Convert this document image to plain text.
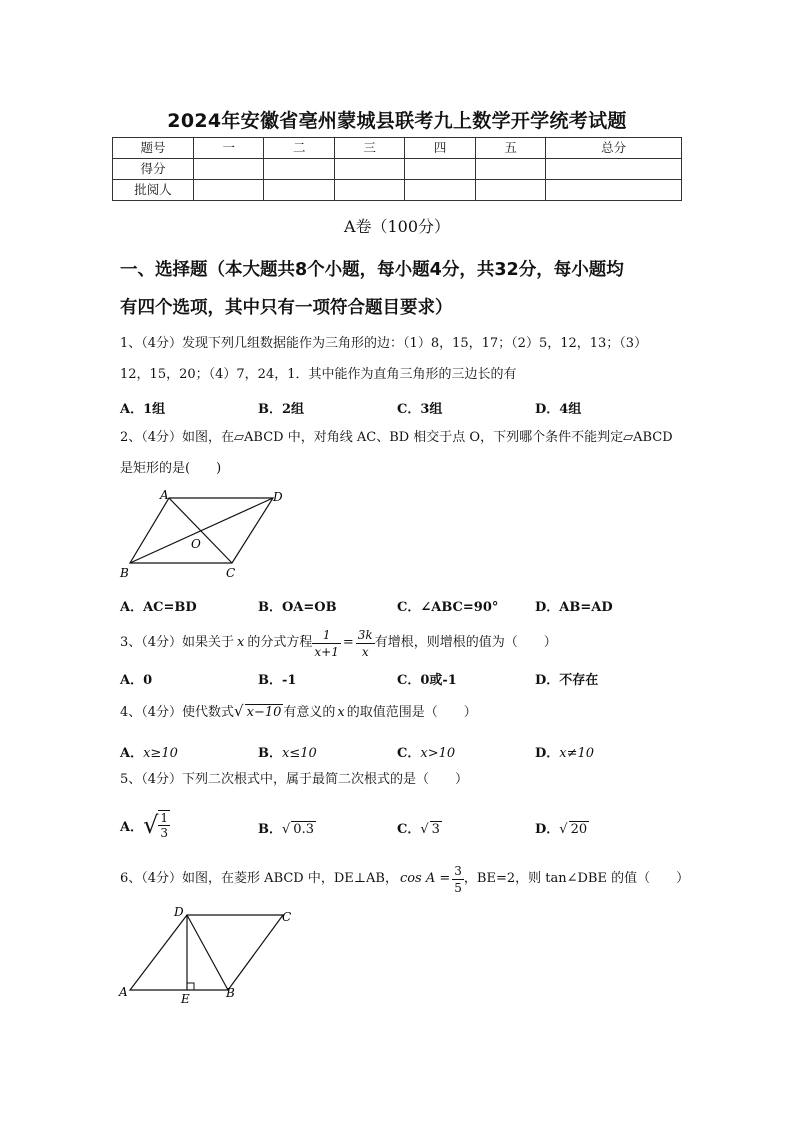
2024年安徽省亳州蒙城县联考九上数学开学统考试题
题号	一	二	三	四	五	总分
得分						
批阅人						
A卷（100分）
一、选择题（本大题共8个小题，每小题4分，共32分，每小题均
有四个选项，其中只有一项符合题目要求）
1、（4分）发现下列几组数据能作为三角形的边：（1）8，15，17；（2）5，12，13；（3）
12，15，20；（4）7，24，1．其中能作为直角三角形的三边长的有
A．1组	B．2组	C．3组	D．4组
2、（4分）如图，在▱ABCD 中，对角线 AC、BD 相交于点 O，下列哪个条件不能判定▱ABCD
是矩形的是(　　)
A	D
O
B	C
A．AC=BD	B．OA=OB	C．∠ABC=90°	D．AB=AD
3、（4分）如果关于 x 的分式方程 $\frac{1}{x+1} = \frac{3k}{x}$ 有增根，则增根的值为（　　）
A．0	B．-1	C．0或-1	D．不存在
4、（4分）使代数式√ x−10 有意义的 x 的取值范围是（　　）
A．x≥10	B．x≤10	C．x>10	D．x≠10
5、（4分）下列二次根式中，属于最简二次根式的是（　　）
A． √ $\frac{1}{3}$	B．√ 0.3	C．√ 3	D．√ 20
6、（4分）如图，在菱形 ABCD 中，DE⊥AB， $\cos A = \frac{3}{5}$ ，BE=2，则 tan∠DBE 的值（　　）
D	C
A	E	B
